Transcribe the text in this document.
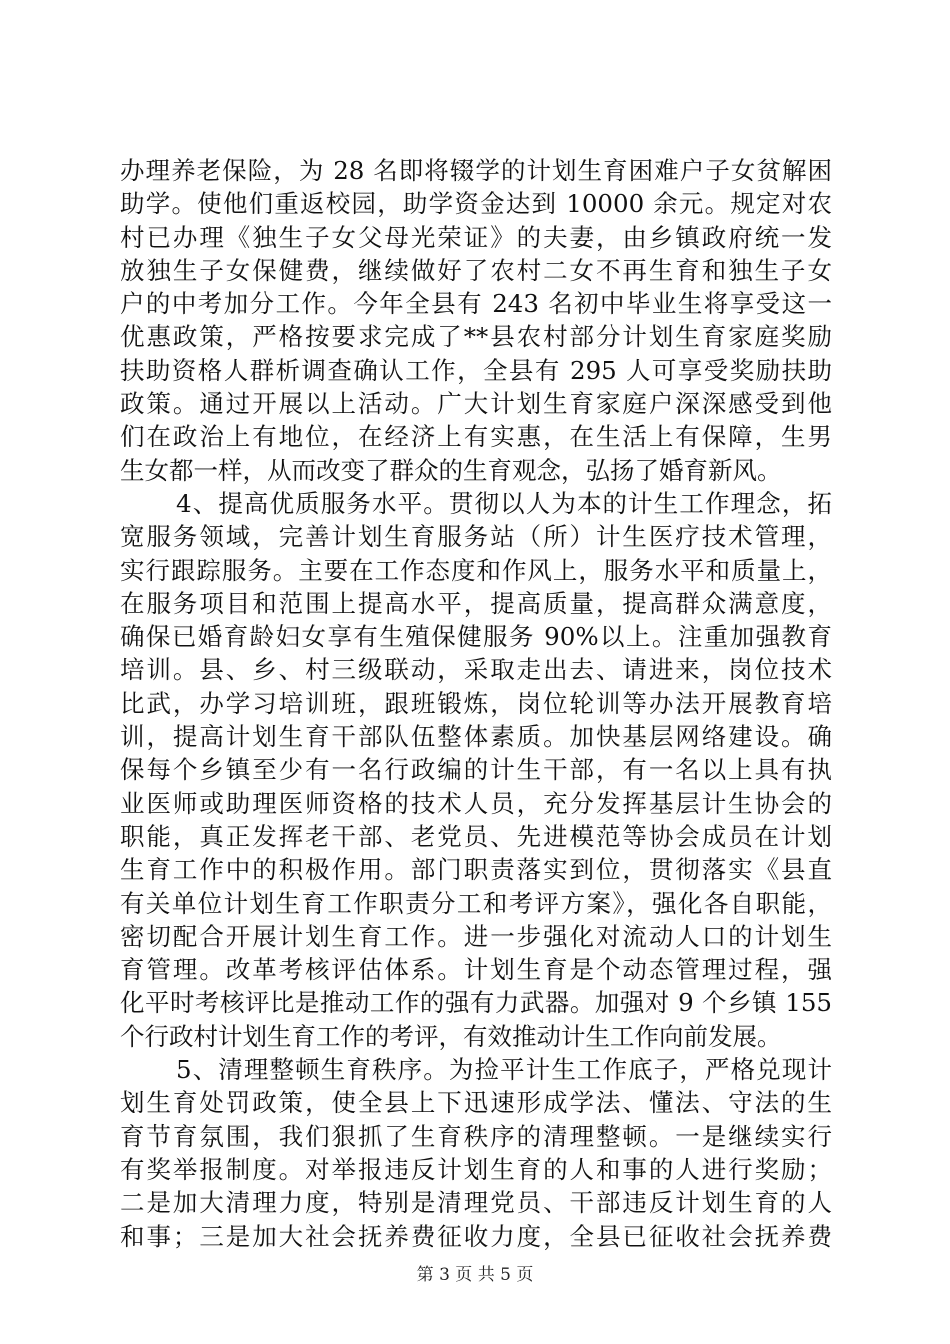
办理养老保险，为 28 名即将辍学的计划生育困难户子女贫解困
助学。使他们重返校园，助学资金达到 10000 余元。规定对农
村已办理《独生子女父母光荣证》的夫妻，由乡镇政府统一发
放独生子女保健费，继续做好了农村二女不再生育和独生子女
户的中考加分工作。今年全县有 243 名初中毕业生将享受这一
优惠政策，严格按要求完成了**县农村部分计划生育家庭奖励
扶助资格人群析调查确认工作，全县有 295 人可享受奖励扶助
政策。通过开展以上活动。广大计划生育家庭户深深感受到他
们在政治上有地位，在经济上有实惠，在生活上有保障，生男
生女都一样，从而改变了群众的生育观念，弘扬了婚育新风。
4、提高优质服务水平。贯彻以人为本的计生工作理念，拓
宽服务领域，完善计划生育服务站（所）计生医疗技术管理，
实行跟踪服务。主要在工作态度和作风上，服务水平和质量上，
在服务项目和范围上提高水平，提高质量，提高群众满意度，
确保已婚育龄妇女享有生殖保健服务 90%以上。注重加强教育
培训。县、乡、村三级联动，采取走出去、请进来，岗位技术
比武，办学习培训班，跟班锻炼，岗位轮训等办法开展教育培
训，提高计划生育干部队伍整体素质。加快基层网络建设。确
保每个乡镇至少有一名行政编的计生干部，有一名以上具有执
业医师或助理医师资格的技术人员，充分发挥基层计生协会的
职能，真正发挥老干部、老党员、先进模范等协会成员在计划
生育工作中的积极作用。部门职责落实到位，贯彻落实《县直
有关单位计划生育工作职责分工和考评方案》，强化各自职能，
密切配合开展计划生育工作。进一步强化对流动人口的计划生
育管理。改革考核评估体系。计划生育是个动态管理过程，强
化平时考核评比是推动工作的强有力武器。加强对 9 个乡镇 155
个行政村计划生育工作的考评，有效推动计生工作向前发展。
5、清理整顿生育秩序。为捡平计生工作底子，严格兑现计
划生育处罚政策，使全县上下迅速形成学法、懂法、守法的生
育节育氛围，我们狠抓了生育秩序的清理整顿。一是继续实行
有奖举报制度。对举报违反计划生育的人和事的人进行奖励；
二是加大清理力度，特别是清理党员、干部违反计划生育的人
和事；三是加大社会抚养费征收力度，全县已征收社会抚养费
第 3 页 共 5 页
